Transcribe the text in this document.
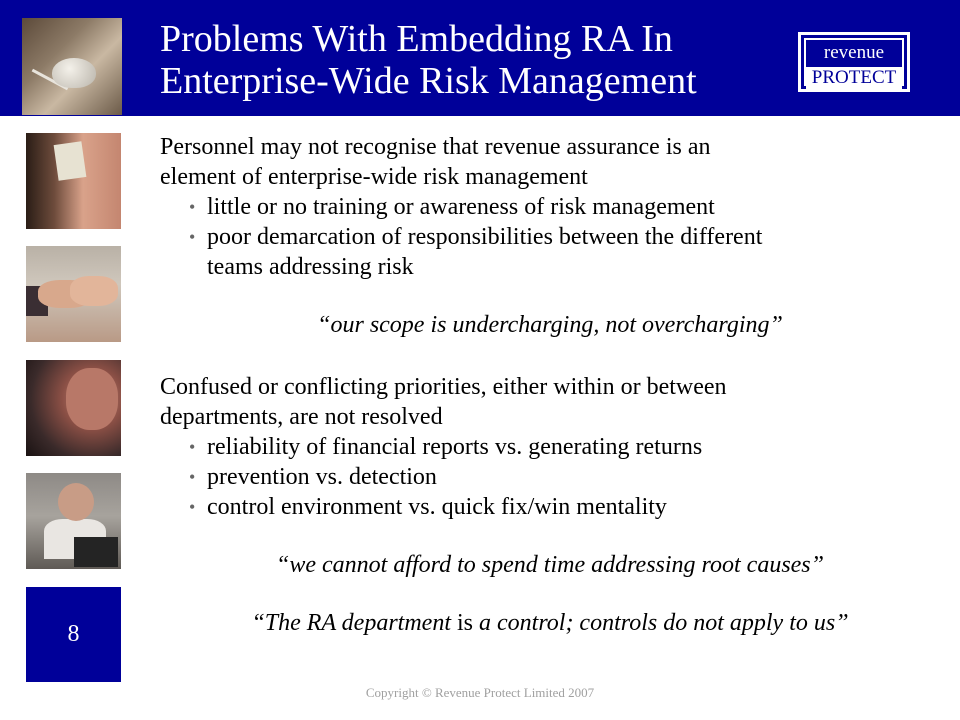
Problems With Embedding RA In
Enterprise-Wide Risk Management
revenue
PROTECT
8

Personnel may not recognise that revenue assurance is an

element of enterprise-wide risk management

• little or no training or awareness of risk management

• poor demarcation of responsibilities between the different

teams addressing risk

“our scope is undercharging, not overcharging”

Confused or conflicting priorities, either within or between

departments, are not resolved

• reliability of financial reports vs. generating returns

• prevention vs. detection

• control environment vs. quick fix/win mentality

“we cannot afford to spend time addressing root causes”

“The RA department is a control; controls do not apply to us”

Copyright © Revenue Protect Limited 2007
